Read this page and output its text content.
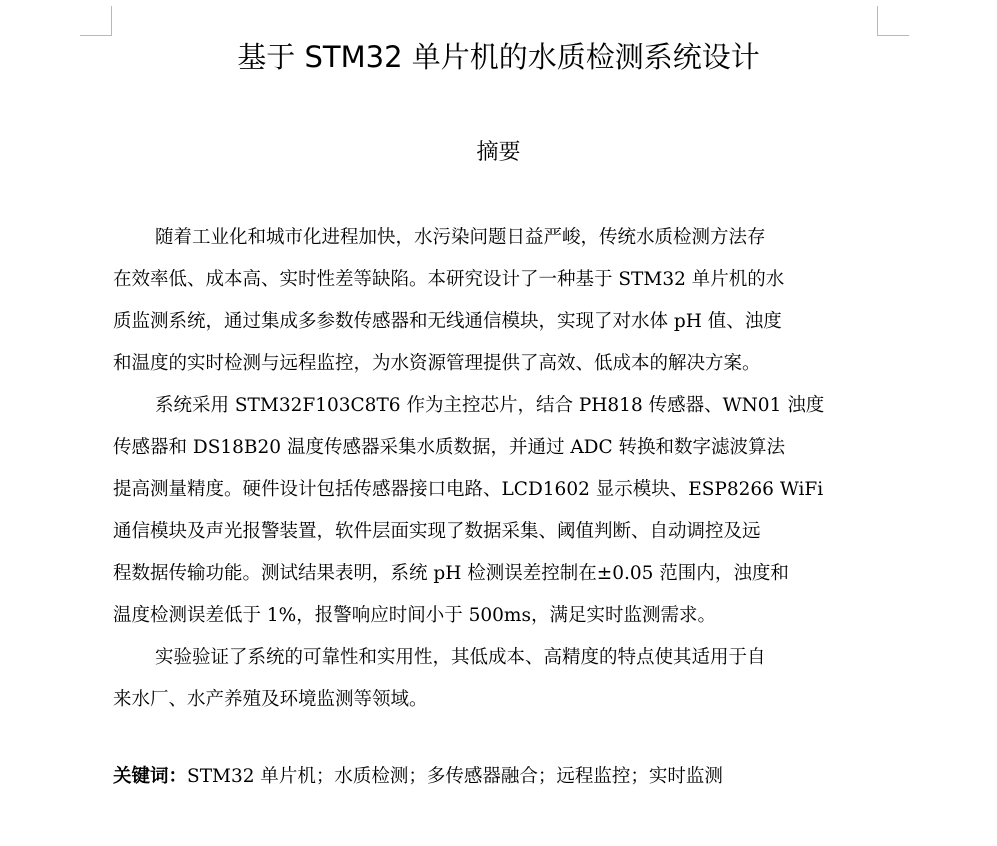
基于 STM32 单片机的水质检测系统设计
摘要
随着工业化和城市化进程加快，水污染问题日益严峻，传统水质检测方法存
在效率低、成本高、实时性差等缺陷。本研究设计了一种基于 STM32 单片机的水
质监测系统，通过集成多参数传感器和无线通信模块，实现了对水体 pH 值、浊度
和温度的实时检测与远程监控，为水资源管理提供了高效、低成本的解决方案。
系统采用 STM32F103C8T6 作为主控芯片，结合 PH818 传感器、WN01 浊度
传感器和 DS18B20 温度传感器采集水质数据，并通过 ADC 转换和数字滤波算法
提高测量精度。硬件设计包括传感器接口电路、LCD1602 显示模块、ESP8266 WiFi
通信模块及声光报警装置，软件层面实现了数据采集、阈值判断、自动调控及远
程数据传输功能。测试结果表明，系统 pH 检测误差控制在±0.05 范围内，浊度和
温度检测误差低于 1%，报警响应时间小于 500ms，满足实时监测需求。
实验验证了系统的可靠性和实用性，其低成本、高精度的特点使其适用于自
来水厂、水产养殖及环境监测等领域。
关键词：STM32 单片机；水质检测；多传感器融合；远程监控；实时监测
